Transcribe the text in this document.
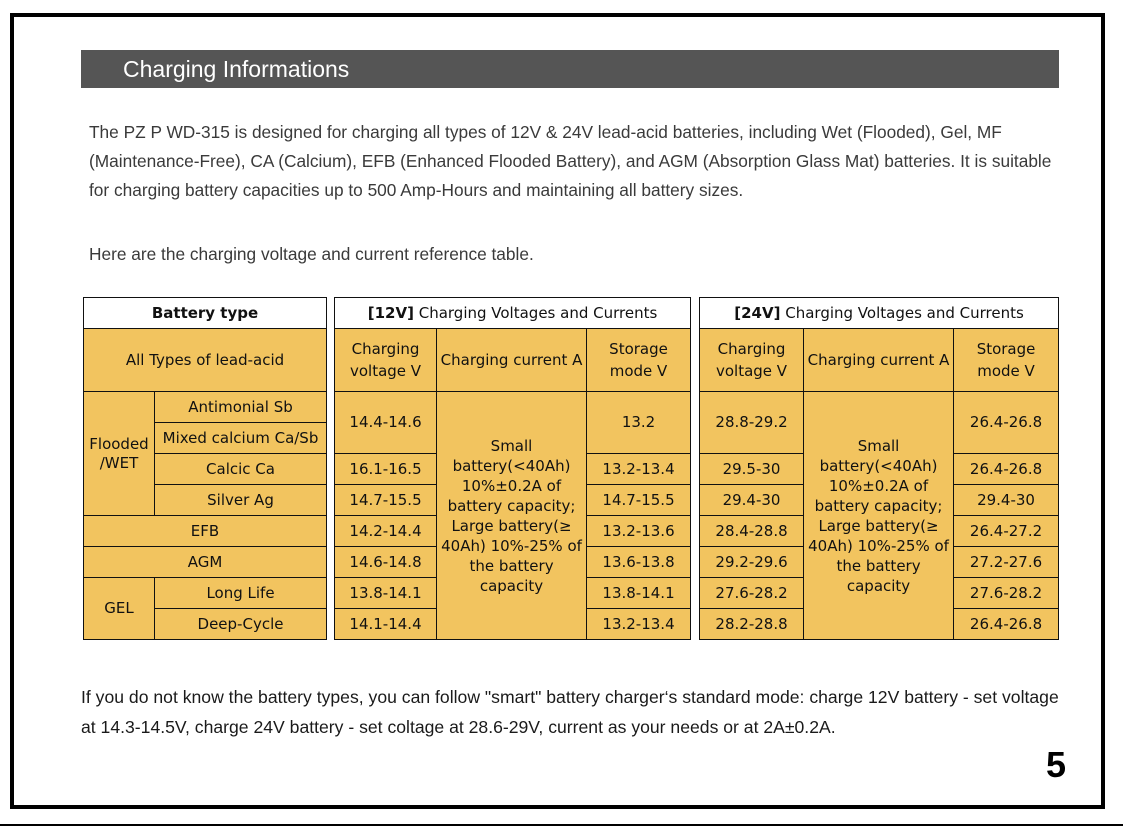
Charging Informations
The PZ P WD-315 is designed for charging all types of 12V & 24V lead-acid batteries, including Wet (Flooded), Gel, MF (Maintenance-Free), CA (Calcium), EFB (Enhanced Flooded Battery), and AGM (Absorption Glass Mat) batteries. It is suitable for charging battery capacities up to 500 Amp-Hours and maintaining all battery sizes.
Here are the charging voltage and current reference table.
Battery type			[12V] Charging Voltages and Currents				[24V] Charging Voltages and Currents		
All Types of lead-acid			Charging voltage V	Charging current A	Storage mode V		Charging voltage V	Charging current A	Storage mode V
Flooded /WET	Antimonial Sb		14.4-14.6	Small battery(<40Ah) 10%±0.2A of battery capacity; Large battery(≥ 40Ah) 10%-25% of the battery capacity	13.2		28.8-29.2	Small battery(<40Ah) 10%±0.2A of battery capacity; Large battery(≥ 40Ah) 10%-25% of the battery capacity	26.4-26.8
	Mixed calcium Ca/Sb								
	Calcic Ca		16.1-16.5		13.2-13.4		29.5-30		26.4-26.8
	Silver Ag		14.7-15.5		14.7-15.5		29.4-30		29.4-30
EFB			14.2-14.4		13.2-13.6		28.4-28.8		26.4-27.2
AGM			14.6-14.8		13.6-13.8		29.2-29.6		27.2-27.6
GEL	Long Life		13.8-14.1		13.8-14.1		27.6-28.2		27.6-28.2
	Deep-Cycle		14.1-14.4		13.2-13.4		28.2-28.8		26.4-26.8
If you do not know the battery types, you can follow "smart" battery charger‘s standard mode: charge 12V battery - set voltage at 14.3-14.5V, charge 24V battery - set coltage at 28.6-29V, current as your needs or at 2A±0.2A.
5
